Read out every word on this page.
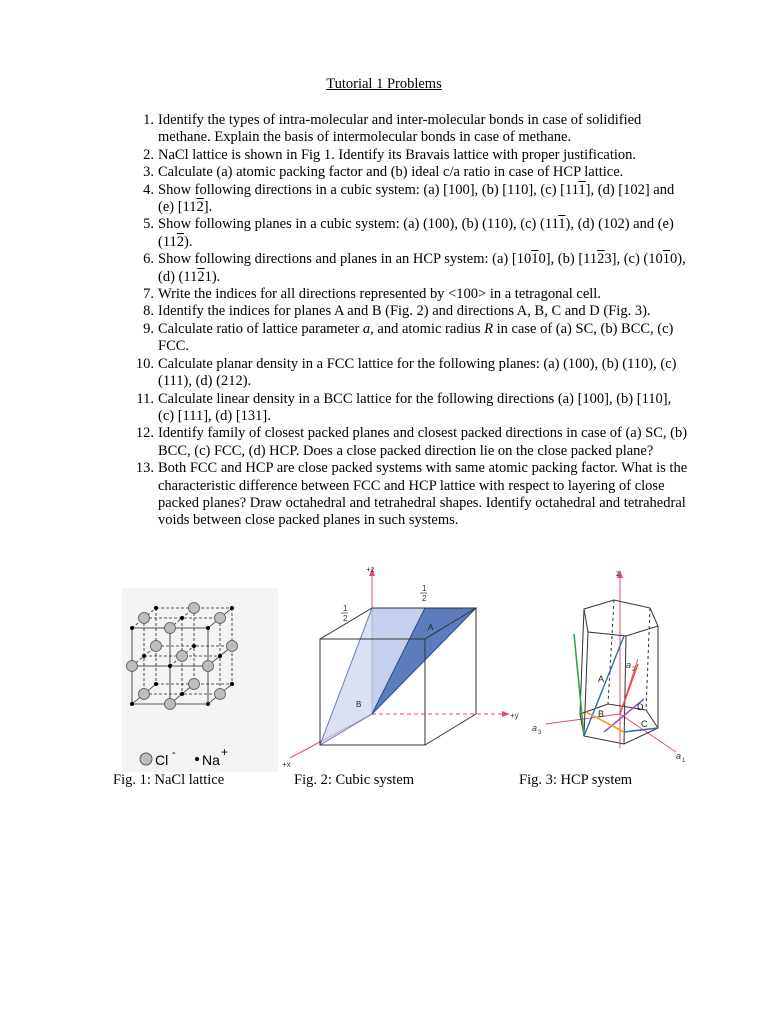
Tutorial 1 Problems
1. Identify the types of intra-molecular and inter-molecular bonds in case of solidified methane. Explain the basis of intermolecular bonds in case of methane.
2. NaCl lattice is shown in Fig 1. Identify its Bravais lattice with proper justification.
3. Calculate (a) atomic packing factor and (b) ideal c/a ratio in case of HCP lattice.
4. Show following directions in a cubic system: (a) [100], (b) [110], (c) [111], (d) [102] and (e) [112].
5. Show following planes in a cubic system: (a) (100), (b) (110), (c) (111), (d) (102) and (e) (112).
6. Show following directions and planes in an HCP system: (a) [1010], (b) [1123], (c) (1010), (d) (1121).
7. Write the indices for all directions represented by <100> in a tetragonal cell.
8. Identify the indices for planes A and B (Fig. 2) and directions A, B, C and D (Fig. 3).
9. Calculate ratio of lattice parameter a, and atomic radius R in case of (a) SC, (b) BCC, (c) FCC.
10. Calculate planar density in a FCC lattice for the following planes: (a) (100), (b) (110), (c) (111), (d) (212).
11. Calculate linear density in a BCC lattice for the following directions (a) [100], (b) [110], (c) [111], (d) [131].
12. Identify family of closest packed planes and closest packed directions in case of (a) SC, (b) BCC, (c) FCC, (d) HCP. Does a close packed direction lie on the close packed plane?
13. Both FCC and HCP are close packed systems with same atomic packing factor. What is the characteristic difference between FCC and HCP lattice with respect to layering of close packed planes? Draw octahedral and tetrahedral shapes. Identify octahedral and tetrahedral voids between close packed planes in such systems.
Cl - Na +
Fig. 1: NaCl lattice
+z
+y
+x
1
2
1
2
A
B
Fig. 2: Cubic system
z
a 1
a 2
a 3
A
B
C
D
Fig. 3: HCP system
